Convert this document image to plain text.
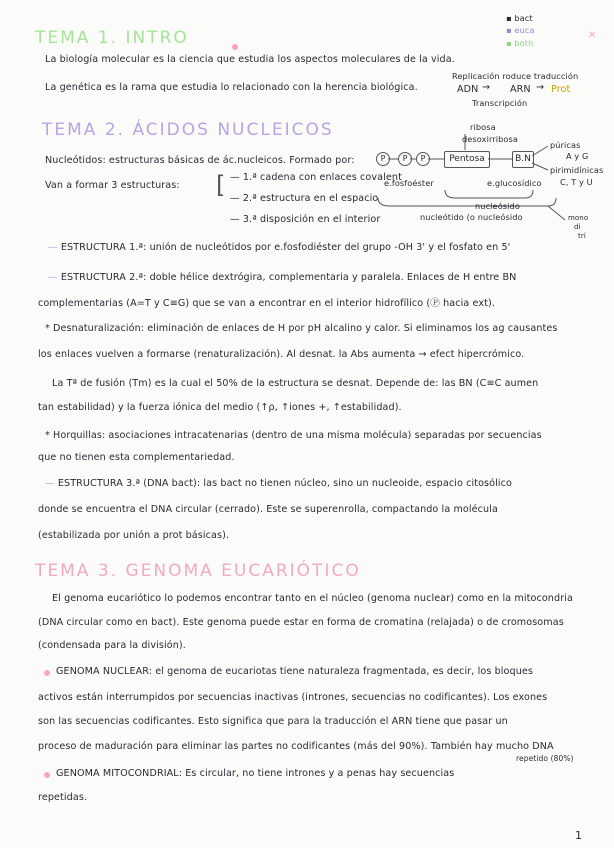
▪ bact
▪ euca
▪ both
✕
TEMA 1. INTRO
La biología molecular es la ciencia que estudia los aspectos moleculares de la vida.
La genética es la rama que estudia lo relacionado con la herencia biológica.
Replicación roduce traducción
ADN → ARN → Prot
Transcripción
TEMA 2. ÁCIDOS NUCLEICOS
Nucleótidos: estructuras básicas de ác.nucleicos. Formado por:
Van a formar 3 estructuras: [ — 1.ª cadena con enlaces covalent
— 2.ª estructura en el espacio
— 3.ª disposición en el interior
P	P	P	Pentosa	B.N
ribosa
desoxirribosa
e.fosfoéster	e.glucosídico
púricas
A y G
pirimidínicas
C, T y U
nucleósido
nucleótido (o nucleósido	mono
di
tri
— ESTRUCTURA 1.ª: unión de nucleótidos por e.fosfodiéster del grupo -OH 3' y el fosfato en 5'
— ESTRUCTURA 2.ª: doble hélice dextrógira, complementaria y paralela. Enlaces de H entre BN
complementarias (A=T y C≡G) que se van a encontrar en el interior hidrofílico (Ⓟ hacia ext).
* Desnaturalización: eliminación de enlaces de H por pH alcalino y calor. Si eliminamos los ag causantes
los enlaces vuelven a formarse (renaturalización). Al desnat. la Abs aumenta → efect hipercrómico.
La Tª de fusión (Tm) es la cual el 50% de la estructura se desnat. Depende de: las BN (C≡C aumen
tan estabilidad) y la fuerza iónica del medio (↑ρ, ↑iones +, ↑estabilidad).
* Horquillas: asociaciones intracatenarias (dentro de una misma molécula) separadas por secuencias
que no tienen esta complementariedad.
— ESTRUCTURA 3.ª (DNA bact): las bact no tienen núcleo, sino un nucleoide, espacio citosólico
donde se encuentra el DNA circular (cerrado). Este se superenrolla, compactando la molécula
(estabilizada por unión a prot básicas).
TEMA 3. GENOMA EUCARIÓTICO
El genoma eucariótico lo podemos encontrar tanto en el núcleo (genoma nuclear) como en la mitocondria
(DNA circular como en bact). Este genoma puede estar en forma de cromatina (relajada) o de cromosomas
(condensada para la división).
GENOMA NUCLEAR: el genoma de eucariotas tiene naturaleza fragmentada, es decir, los bloques
activos están interrumpidos por secuencias inactivas (intrones, secuencias no codificantes). Los exones
son las secuencias codificantes. Esto significa que para la traducción el ARN tiene que pasar un
proceso de maduración para eliminar las partes no codificantes (más del 90%). También hay mucho DNA
repetido (80%)
GENOMA MITOCONDRIAL: Es circular, no tiene intrones y a penas hay secuencias
repetidas.
1
